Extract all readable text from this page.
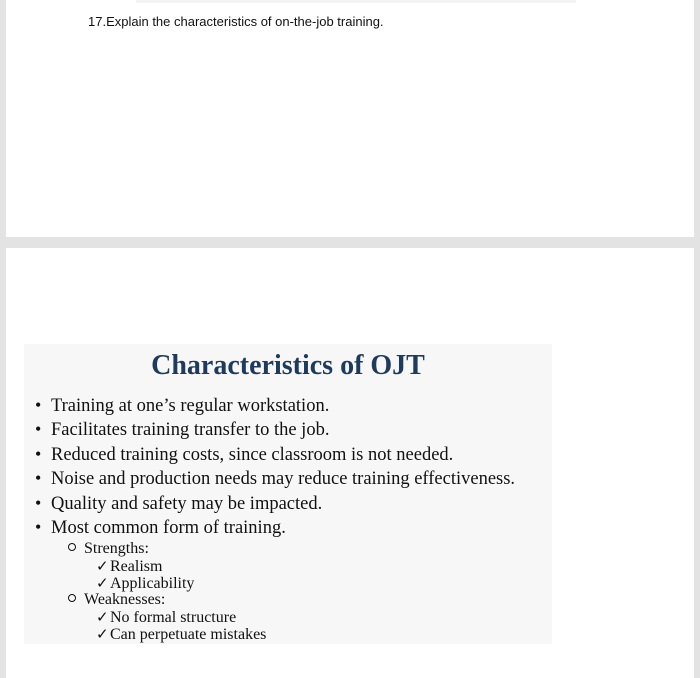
17.Explain the characteristics of on-the-job training.
Characteristics of OJT
• Training at one’s regular workstation.
• Facilitates training transfer to the job.
• Reduced training costs, since classroom is not needed.
• Noise and production needs may reduce training effectiveness.
• Quality and safety may be impacted.
• Most common form of training.
Strengths:
✓ Realism
✓ Applicability
Weaknesses:
✓ No formal structure
✓ Can perpetuate mistakes
